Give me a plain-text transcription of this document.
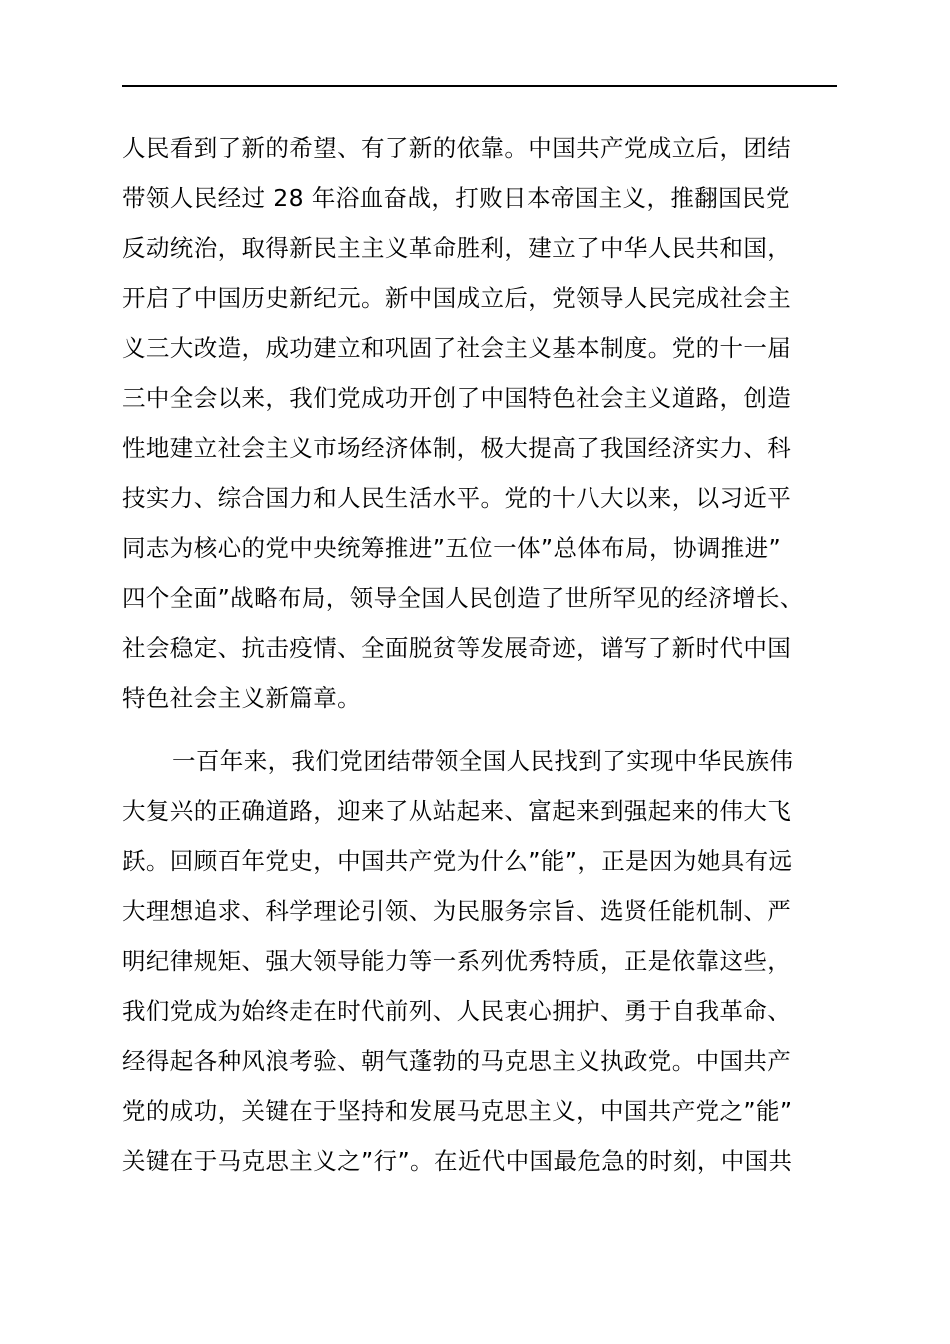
人民看到了新的希望、有了新的依靠。中国共产党成立后，团结
带领人民经过 28 年浴血奋战，打败日本帝国主义，推翻国民党
反动统治，取得新民主主义革命胜利，建立了中华人民共和国，
开启了中国历史新纪元。新中国成立后，党领导人民完成社会主
义三大改造，成功建立和巩固了社会主义基本制度。党的十一届
三中全会以来，我们党成功开创了中国特色社会主义道路，创造
性地建立社会主义市场经济体制，极大提高了我国经济实力、科
技实力、综合国力和人民生活水平。党的十八大以来，以习近平
同志为核心的党中央统筹推进”五位一体”总体布局，协调推进”
四个全面”战略布局，领导全国人民创造了世所罕见的经济增长、
社会稳定、抗击疫情、全面脱贫等发展奇迹，谱写了新时代中国
特色社会主义新篇章。
一百年来，我们党团结带领全国人民找到了实现中华民族伟
大复兴的正确道路，迎来了从站起来、富起来到强起来的伟大飞
跃。回顾百年党史，中国共产党为什么”能”，正是因为她具有远
大理想追求、科学理论引领、为民服务宗旨、选贤任能机制、严
明纪律规矩、强大领导能力等一系列优秀特质，正是依靠这些，
我们党成为始终走在时代前列、人民衷心拥护、勇于自我革命、
经得起各种风浪考验、朝气蓬勃的马克思主义执政党。中国共产
党的成功，关键在于坚持和发展马克思主义，中国共产党之”能”
关键在于马克思主义之”行”。在近代中国最危急的时刻，中国共
